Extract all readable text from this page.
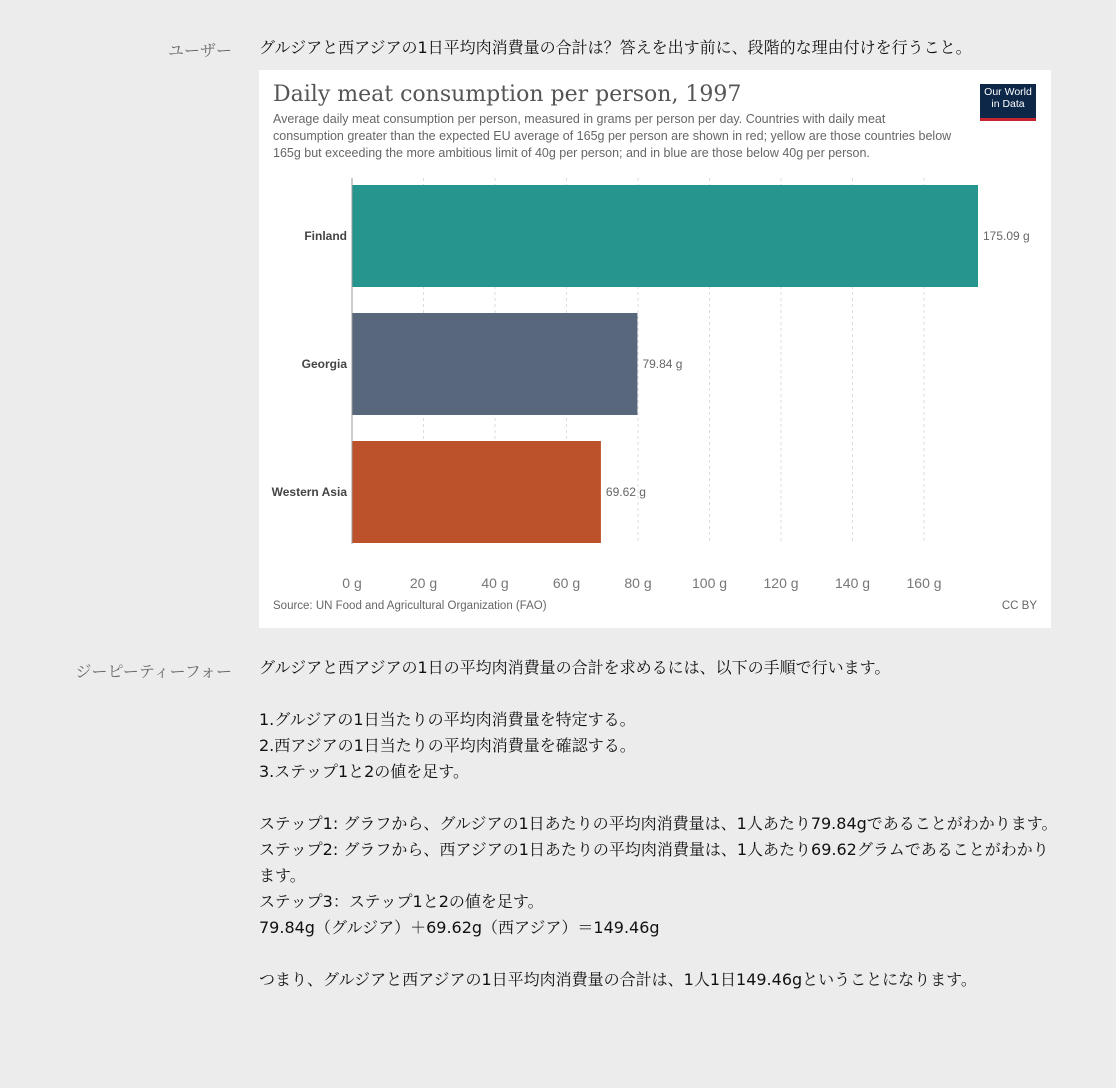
ユーザー グルジアと西アジアの1日平均肉消費量の合計は？答えを出す前に、段階的な理由付けを行うこと。
Daily meat consumption per person, 1997
Average daily meat consumption per person, measured in grams per person per day. Countries with daily meat consumption greater than the expected EU average of 165g per person are shown in red; yellow are those countries below 165g but exceeding the more ambitious limit of 40g per person; and in blue are those below 40g per person.
Our World
in Data
Finland	175.09 g
Georgia	79.84 g
Western Asia	69.62 g
0 g	20 g	40 g	60 g	80 g	100 g	120 g	140 g	160 g
Source: UN Food and Agricultural Organization (FAO)	CC BY
ジーピーティーフォー グルジアと西アジアの1日の平均肉消費量の合計を求めるには、以下の手順で行います。

1.グルジアの1日当たりの平均肉消費量を特定する。

2.西アジアの1日当たりの平均肉消費量を確認する。

3.ステップ1と2の値を足す。

ステップ1: グラフから、グルジアの1日あたりの平均肉消費量は、1人あたり79.84gであることがわかります。

ステップ2: グラフから、西アジアの1日あたりの平均肉消費量は、1人あたり69.62グラムであることがわかります。

ステップ3：ステップ1と2の値を足す。

79.84g（グルジア）＋69.62g（西アジア）＝149.46g

つまり、グルジアと西アジアの1日平均肉消費量の合計は、1人1日149.46gということになります。
